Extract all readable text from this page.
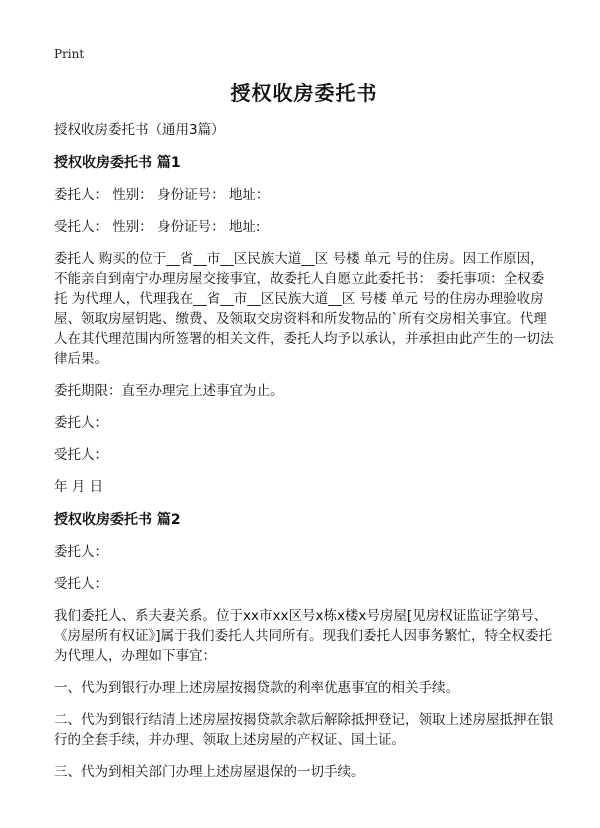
Print
授权收房委托书

授权收房委托书（通用3篇）

授权收房委托书 篇1

委托人： 性别： 身份证号： 地址：

受托人： 性别： 身份证号： 地址:

委托人 购买的位于__省__市__区民族大道__区 号楼 单元 号的住房。因工作原因，不能亲自到南宁办理房屋交接事宜，故委托人自愿立此委托书： 委托事项：全权委托 为代理人，代理我在__省__市__区民族大道__区 号楼 单元 号的住房办理验收房屋、领取房屋钥匙、缴费、及领取交房资料和所发物品的`所有交房相关事宜。代理人在其代理范围内所签署的相关文件，委托人均予以承认，并承担由此产生的一切法律后果。

委托期限：直至办理完上述事宜为止。

委托人：

受托人：

年 月 日

授权收房委托书 篇2

委托人：

受托人：

我们委托人、系夫妻关系。位于xx市xx区号x栋x楼x号房屋[见房权证监证字第号、《房屋所有权证》]属于我们委托人共同所有。现我们委托人因事务繁忙，特全权委托为代理人，办理如下事宜：

一、代为到银行办理上述房屋按揭贷款的利率优惠事宜的相关手续。

二、代为到银行结清上述房屋按揭贷款余款后解除抵押登记，领取上述房屋抵押在银行的全套手续，并办理、领取上述房屋的产权证、国土证。

三、代为到相关部门办理上述房屋退保的一切手续。
